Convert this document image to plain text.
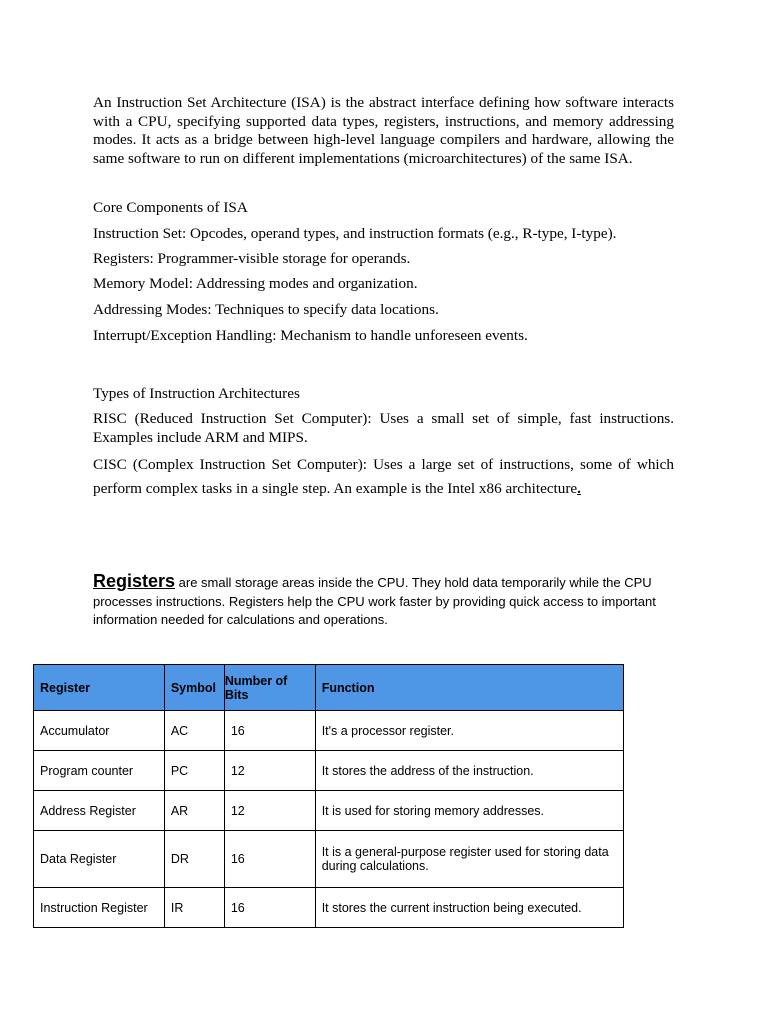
An Instruction Set Architecture (ISA) is the abstract interface defining how software interacts with a CPU, specifying supported data types, registers, instructions, and memory addressing modes. It acts as a bridge between high-level language compilers and hardware, allowing the same software to run on different implementations (microarchitectures) of the same ISA.
Core Components of ISA
Instruction Set: Opcodes, operand types, and instruction formats (e.g., R-type, I-type).
Registers: Programmer-visible storage for operands.
Memory Model: Addressing modes and organization.
Addressing Modes: Techniques to specify data locations.
Interrupt/Exception Handling: Mechanism to handle unforeseen events.
Types of Instruction Architectures
RISC (Reduced Instruction Set Computer): Uses a small set of simple, fast instructions. Examples include ARM and MIPS.
CISC (Complex Instruction Set Computer): Uses a large set of instructions, some of which perform complex tasks in a single step. An example is the Intel x86 architecture.
Registers are small storage areas inside the CPU. They hold data temporarily while the CPU processes instructions. Registers help the CPU work faster by providing quick access to important information needed for calculations and operations.
Register	Symbol	Number of Bits	Function
Accumulator	AC	16	It's a processor register.
Program counter	PC	12	It stores the address of the instruction.
Address Register	AR	12	It is used for storing memory addresses.
Data Register	DR	16	It is a general-purpose register used for storing data during calculations.
Instruction Register	IR	16	It stores the current instruction being executed.
